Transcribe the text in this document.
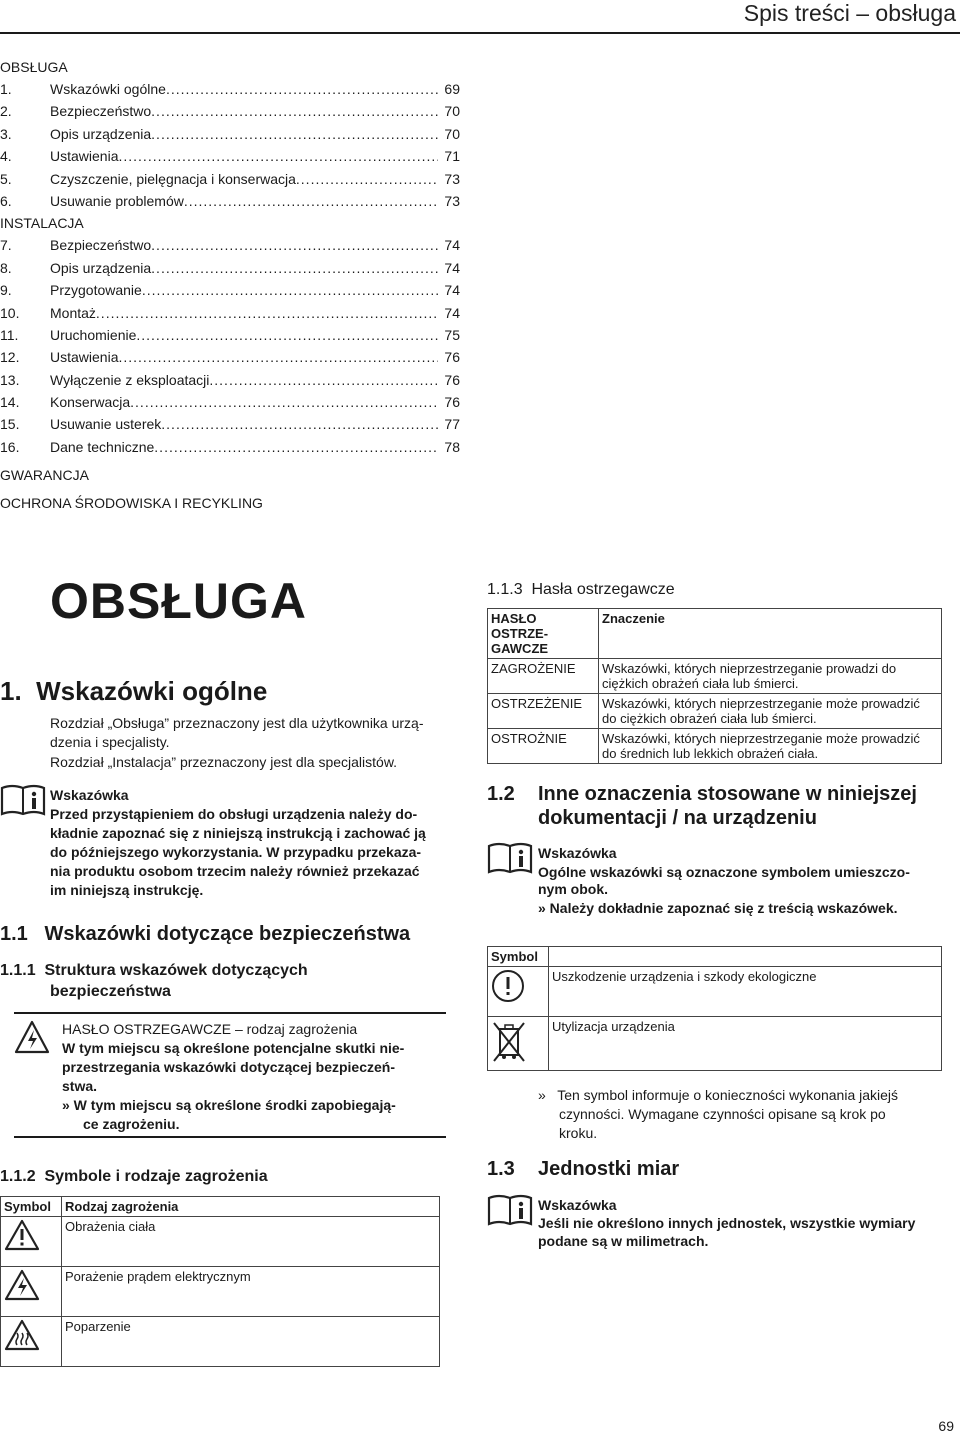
Spis treści – obsługa
OBSŁUGA
1.	Wskazówki ogólne .....	69
2.	Bezpieczeństwo .....	70
3.	Opis urządzenia .....	70
4.	Ustawienia .....	71
5.	Czyszczenie, pielęgnacja i konserwacja .....	73
6.	Usuwanie problemów .....	73
INSTALACJA
7.	Bezpieczeństwo .....	74
8.	Opis urządzenia .....	74
9.	Przygotowanie .....	74
10.	Montaż .....	74
11.	Uruchomienie .....	75
12.	Ustawienia .....	76
13.	Wyłączenie z eksploatacji .....	76
14.	Konserwacja .....	76
15.	Usuwanie usterek .....	77
16.	Dane techniczne .....	78
GWARANCJA
OCHRONA ŚRODOWISKA I RECYKLING
OBSŁUGA
1.  Wskazówki ogólne
Rozdział „Obsługa” przeznaczony jest dla użytkownika urzą-
dzenia i specjalisty.
Rozdział „Instalacja” przeznaczony jest dla specjalistów.
Wskazówka
Przed przystąpieniem do obsługi urządzenia należy do-
kładnie zapoznać się z niniejszą instrukcją i zachować ją
do późniejszego wykorzystania. W przypadku przekaza-
nia produktu osobom trzecim należy również przekazać
im niniejszą instrukcję.
1.1   Wskazówki dotyczące bezpieczeństwa
1.1.1  Struktura wskazówek dotyczących
bezpieczeństwa
HASŁO OSTRZEGAWCZE – rodzaj zagrożenia
W tym miejscu są określone potencjalne skutki nie-
przestrzegania wskazówki dotyczącej bezpieczeń-
stwa.
» W tym miejscu są określone środki zapobiegają-
ce zagrożeniu.
1.1.2  Symbole i rodzaje zagrożenia
Symbol	Rodzaj zagrożenia
	Obrażenia ciała
	Porażenie prądem elektrycznym
	Poparzenie
1.1.3  Hasła ostrzegawcze
HASŁO OSTRZE-
GAWCZE	Znaczenie
ZAGROŻENIE	Wskazówki, których nieprzestrzeganie prowadzi do
ciężkich obrażeń ciała lub śmierci.

OSTRZEŻENIE	Wskazówki, których nieprzestrzeganie może prowadzić
do ciężkich obrażeń ciała lub śmierci.

OSTROŻNIE	Wskazówki, których nieprzestrzeganie może prowadzić
do średnich lub lekkich obrażeń ciała.
1.2 Inne oznaczenia stosowane w niniejszej
dokumentacji / na urządzeniu
Wskazówka
Ogólne wskazówki są oznaczone symbolem umieszczo-
nym obok.
» Należy dokładnie zapoznać się z treścią wskazówek.
Symbol	
	Uszkodzenie urządzenia i szkody ekologiczne
	Utylizacja urządzenia
»   Ten symbol informuje o konieczności wykonania jakiejś
czynności. Wymagane czynności opisane są krok po
kroku.
1.3 Jednostki miar
Wskazówka
Jeśli nie określono innych jednostek, wszystkie wymiary
podane są w milimetrach.
69
